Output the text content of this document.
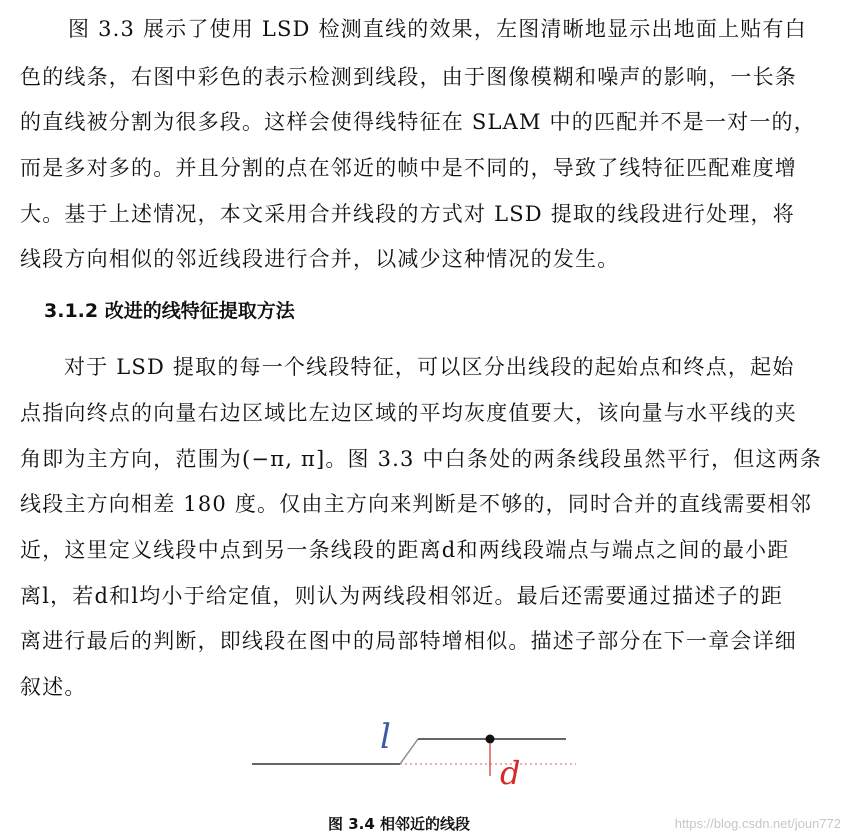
图 3.3 展示了使用 LSD 检测直线的效果，左图清晰地显示出地面上贴有白
色的线条，右图中彩色的表示检测到线段，由于图像模糊和噪声的影响，一长条
的直线被分割为很多段。这样会使得线特征在 SLAM 中的匹配并不是一对一的，
而是多对多的。并且分割的点在邻近的帧中是不同的，导致了线特征匹配难度增
大。基于上述情况，本文采用合并线段的方式对 LSD 提取的线段进行处理，将
线段方向相似的邻近线段进行合并，以减少这种情况的发生。
3.1.2 改进的线特征提取方法
对于 LSD 提取的每一个线段特征，可以区分出线段的起始点和终点，起始
点指向终点的向量右边区域比左边区域的平均灰度值要大，该向量与水平线的夹
角即为主方向，范围为(−π, π]。图 3.3 中白条处的两条线段虽然平行，但这两条
线段主方向相差 180 度。仅由主方向来判断是不够的，同时合并的直线需要相邻
近，这里定义线段中点到另一条线段的距离d和两线段端点与端点之间的最小距
离l，若d和l均小于给定值，则认为两线段相邻近。最后还需要通过描述子的距
离进行最后的判断，即线段在图中的局部特增相似。描述子部分在下一章会详细
叙述。
l
d
图 3.4 相邻近的线段	https://blog.csdn.net/joun772
